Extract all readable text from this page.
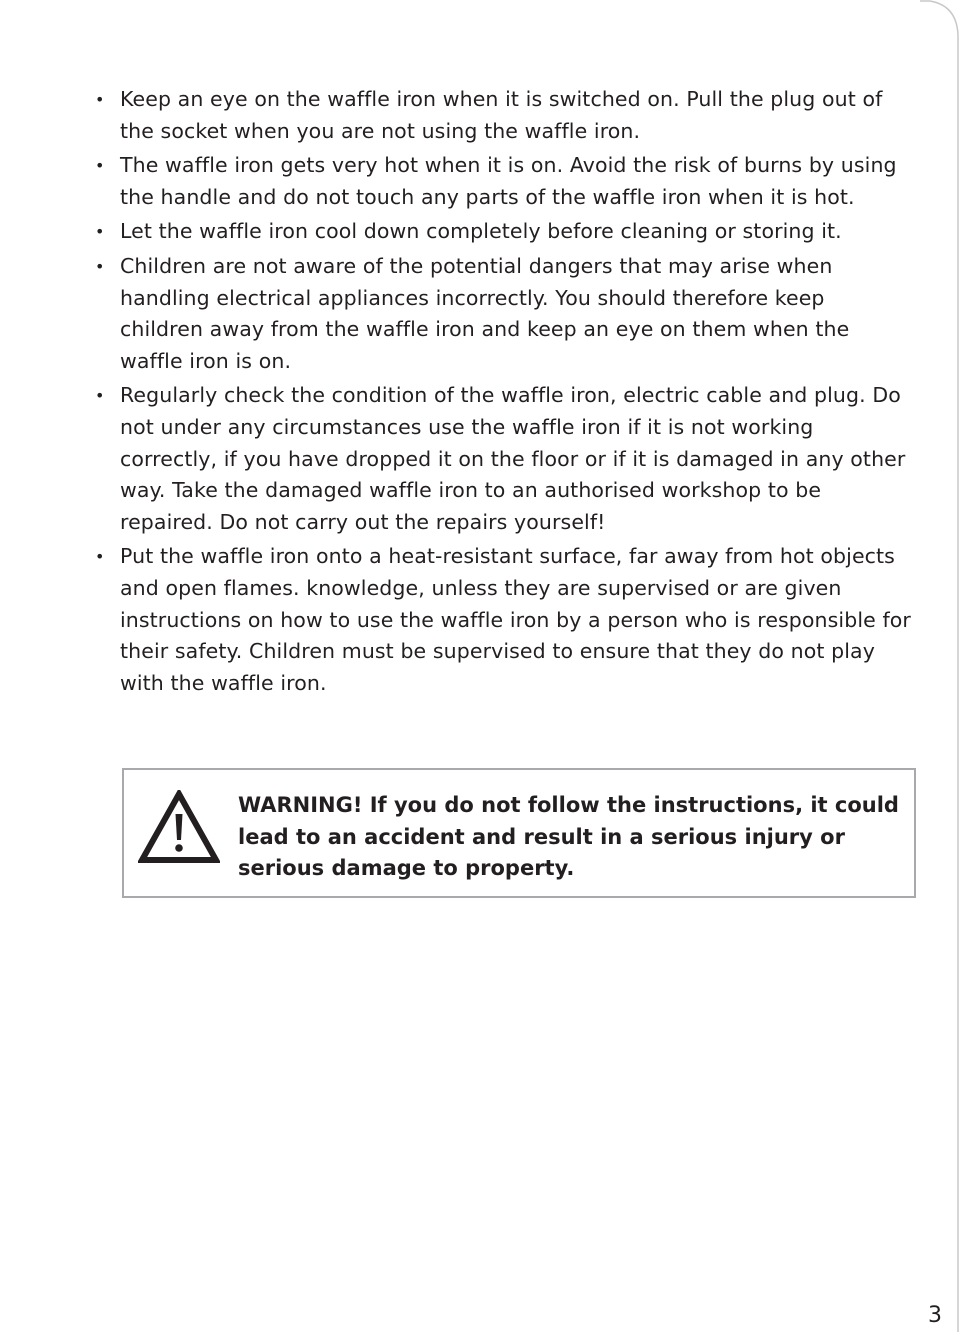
• Keep an eye on the waffle iron when it is switched on. Pull the plug out of the socket when you are not using the waffle iron.
• The waffle iron gets very hot when it is on. Avoid the risk of burns by using the handle and do not touch any parts of the waffle iron when it is hot.
• Let the waffle iron cool down completely before cleaning or storing it.
• Children are not aware of the potential dangers that may arise when handling electrical appliances incorrectly. You should therefore keep children away from the waffle iron and keep an eye on them when the waffle iron is on.
• Regularly check the condition of the waffle iron, electric cable and plug. Do not under any circumstances use the waffle iron if it is not working correctly, if you have dropped it on the floor or if it is damaged in any other way. Take the damaged waffle iron to an authorised workshop to be repaired. Do not carry out the repairs yourself!
• Put the waffle iron onto a heat-resistant surface, far away from hot objects and open flames. knowledge, unless they are supervised or are given instructions on how to use the waffle iron by a person who is responsible for their safety. Children must be supervised to ensure that they do not play with the waffle iron.
WARNING! If you do not follow the instructions, it could lead to an accident and result in a serious injury or serious damage to property.
3
